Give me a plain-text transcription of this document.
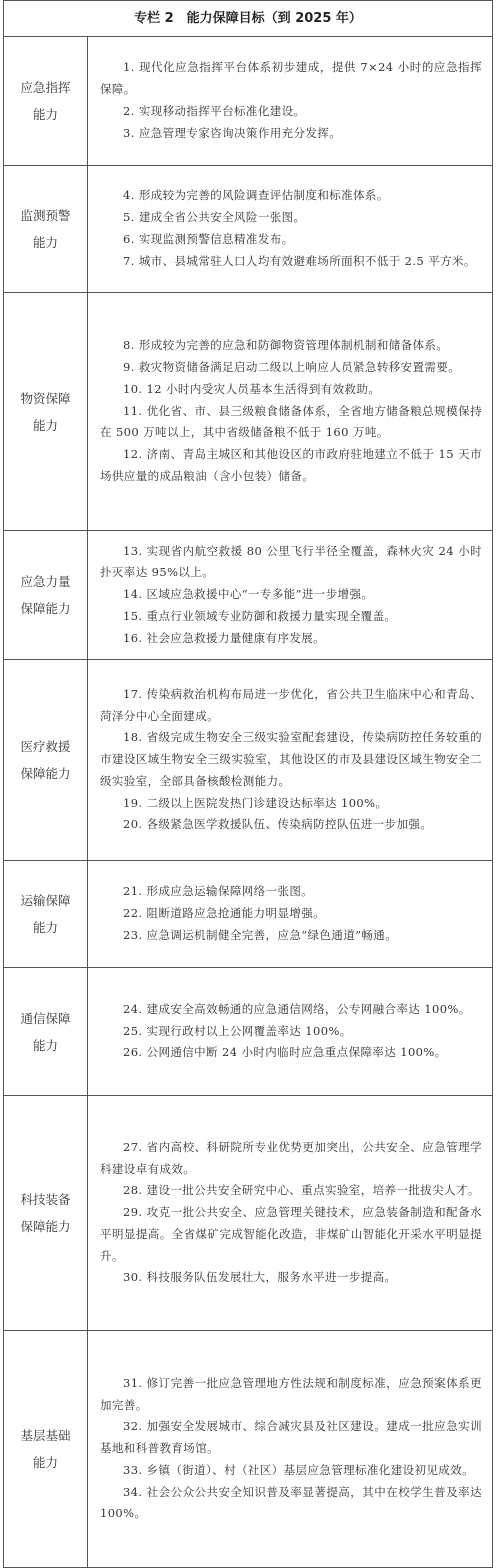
专栏 2　能力保障目标（到 2025 年）
应急指挥能力	1. 现代化应急指挥平台体系初步建成，提供 7×24 小时的应急指挥保障。

2. 实现移动指挥平台标准化建设。

3. 应急管理专家咨询决策作用充分发挥。

监测预警能力	4. 形成较为完善的风险调查评估制度和标准体系。

5. 建成全省公共安全风险一张图。

6. 实现监测预警信息精准发布。

7. 城市、县城常驻人口人均有效避难场所面积不低于 2.5 平方米。

物资保障能力	8. 形成较为完善的应急和防御物资管理体制机制和储备体系。

9. 救灾物资储备满足启动二级以上响应人员紧急转移安置需要。

10. 12 小时内受灾人员基本生活得到有效救助。

11. 优化省、市、县三级粮食储备体系，全省地方储备粮总规模保持在 500 万吨以上，其中省级储备粮不低于 160 万吨。

12. 济南、青岛主城区和其他设区的市政府驻地建立不低于 15 天市场供应量的成品粮油（含小包装）储备。

应急力量保障能力	13. 实现省内航空救援 80 公里飞行半径全覆盖，森林火灾 24 小时扑灭率达 95%以上。

14. 区域应急救援中心“一专多能”进一步增强。

15. 重点行业领域专业防御和救援力量实现全覆盖。

16. 社会应急救援力量健康有序发展。

医疗救援保障能力	17. 传染病救治机构布局进一步优化，省公共卫生临床中心和青岛、菏泽分中心全面建成。

18. 省级完成生物安全三级实验室配套建设，传染病防控任务较重的市建设区域生物安全三级实验室，其他设区的市及县建设区域生物安全二级实验室，全部具备核酸检测能力。

19. 二级以上医院发热门诊建设达标率达 100%。

20. 各级紧急医学救援队伍、传染病防控队伍进一步加强。

运输保障能力	21. 形成应急运输保障网络一张图。

22. 阻断道路应急抢通能力明显增强。

23. 应急调运机制健全完善，应急“绿色通道”畅通。

通信保障能力	24. 建成安全高效畅通的应急通信网络，公专网融合率达 100%。

25. 实现行政村以上公网覆盖率达 100%。

26. 公网通信中断 24 小时内临时应急重点保障率达 100%。

科技装备保障能力	27. 省内高校、科研院所专业优势更加突出，公共安全、应急管理学科建设卓有成效。

28. 建设一批公共安全研究中心、重点实验室，培养一批拔尖人才。

29. 攻克一批公共安全、应急管理关键技术，应急装备制造和配备水平明显提高。全省煤矿完成智能化改造，非煤矿山智能化开采水平明显提升。

30. 科技服务队伍发展壮大，服务水平进一步提高。

基层基础能力	31. 修订完善一批应急管理地方性法规和制度标准，应急预案体系更加完善。

32. 加强安全发展城市、综合减灾县及社区建设。建成一批应急实训基地和科普教育场馆。

33. 乡镇（街道）、村（社区）基层应急管理标准化建设初见成效。

34. 社会公众公共安全知识普及率显著提高，其中在校学生普及率达 100%。
